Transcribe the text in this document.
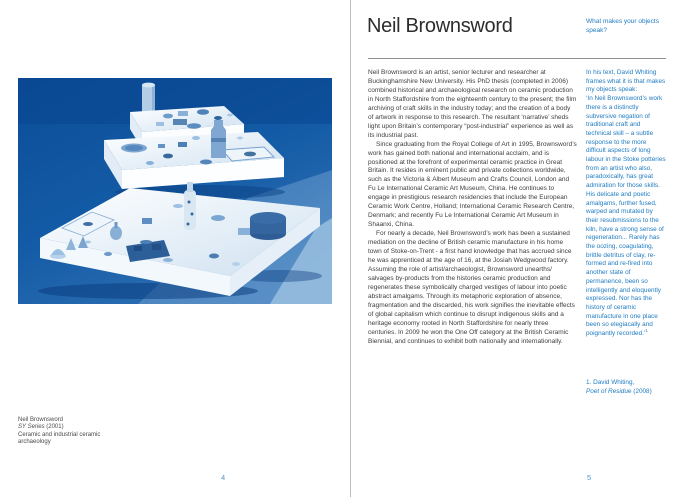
Neil Brownsword
SY Series (2001)
Ceramic and industrial ceramic
archaeology
4
Neil Brownsword	What makes your objects speak?

Neil Brownsword is an artist, senior lecturer and researcher at Buckinghamshire New University. His PhD thesis (completed in 2006) combined historical and archaeological research on ceramic production in North Staffordshire from the eighteenth century to the present; the film archiving of craft skills in the industry today; and the creation of a body of artwork in response to this research. The resultant ‘narrative’ sheds light upon Britain’s contemporary “post-industrial” experience as well as its industrial past.

Since graduating from the Royal College of Art in 1995, Brownsword’s work has gained both national and international acclaim, and is positioned at the forefront of experimental ceramic practice in Great Britain. It resides in eminent public and private collections worldwide, such as the Victoria & Albert Museum and Crafts Council, London and Fu Le International Ceramic Art Museum, China. He continues to engage in prestigious research residencies that include the European Ceramic Work Centre, Holland; International Ceramic Research Centre, Denmark; and recently Fu Le International Ceramic Art Museum in Shaanxi, China.

For nearly a decade, Neil Brownsword’s work has been a sustained mediation on the decline of British ceramic manufacture in his home town of Stoke-on-Trent - a first hand knowledge that has accrued since he was apprenticed at the age of 16, at the Josiah Wedgwood factory. Assuming the role of artist/archaeologist, Brownsword unearths/ salvages by-products from the histories ceramic production and regenerates these symbolically charged vestiges of labour into poetic abstract amalgams. Through its metaphoric exploration of absence, fragmentation and the discarded, his work signifies the inevitable effects of global capitalism which continue to disrupt indigenous skills and a heritage economy rooted in North Staffordshire for nearly three centuries. In 2009 he won the One Off category at the British Ceramic Biennial, and continues to exhibit both nationally and internationally.

In his text, David Whiting frames what it is that makes my objects speak:

‘In Neil Brownsword’s work there is a distinctly subversive negation of traditional craft and technical skill – a subtle response to the more difficult aspects of long labour in the Stoke potteries from an artist who also, paradoxically, has great admiration for those skills. His delicate and poetic amalgams, further fused, warped and mutated by their resubmissions to the kiln, have a strong sense of regeneration... Rarely has the oozing, coagulating, brittle detritus of clay, re-formed and re-fired into another state of permanence, been so intelligently and eloquently expressed. Nor has the history of ceramic manufacture in one place been so elegiacally and poignantly recorded.’$^1$

1. David Whiting,
Poet of Residue (2008)
5
